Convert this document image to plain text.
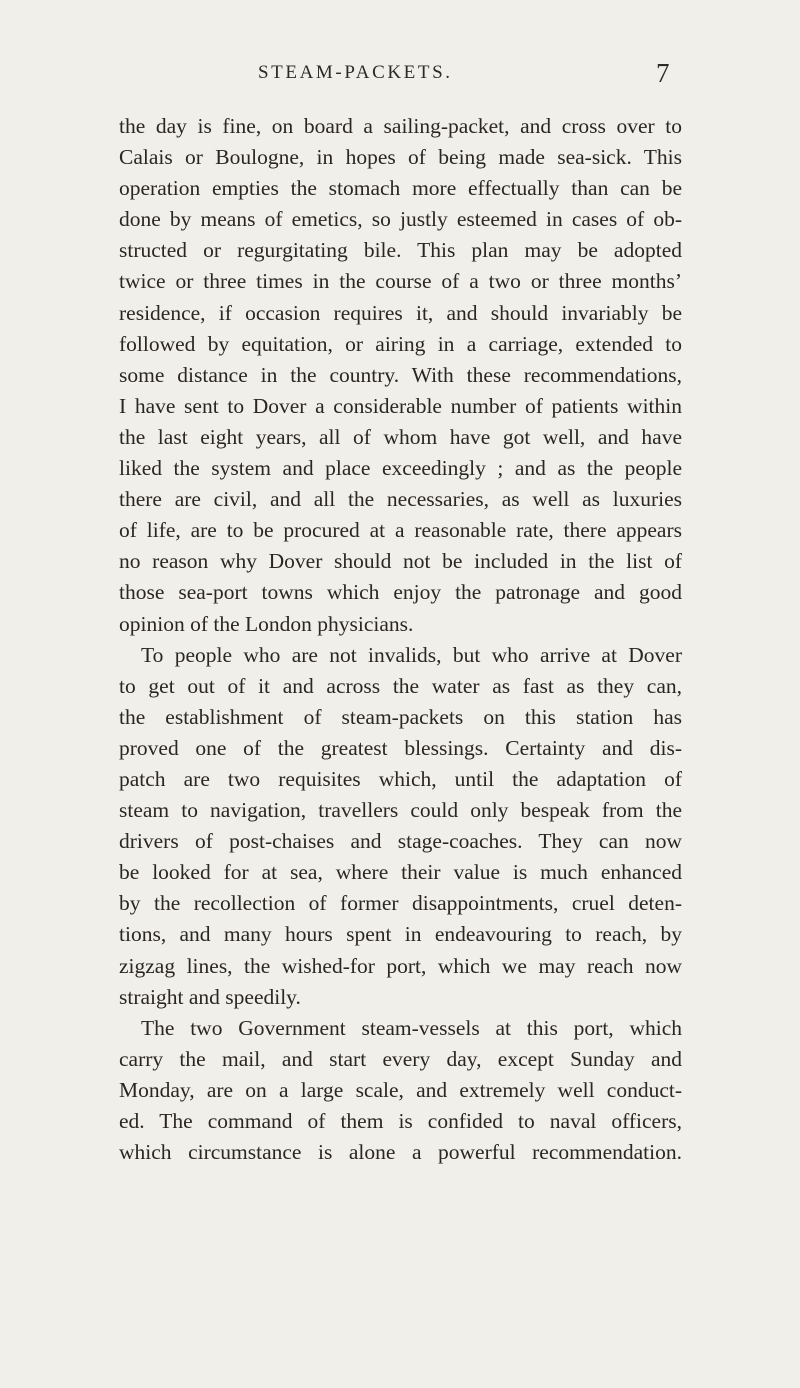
STEAM-PACKETS.	7
the day is fine, on board a sailing-packet, and cross over to
Calais or Boulogne, in hopes of being made sea-sick. This
operation empties the stomach more effectually than can be
done by means of emetics, so justly esteemed in cases of ob-
structed or regurgitating bile. This plan may be adopted
twice or three times in the course of a two or three months’
residence, if occasion requires it, and should invariably be
followed by equitation, or airing in a carriage, extended to
some distance in the country. With these recommendations,
I have sent to Dover a considerable number of patients within
the last eight years, all of whom have got well, and have
liked the system and place exceedingly ; and as the people
there are civil, and all the necessaries, as well as luxuries
of life, are to be procured at a reasonable rate, there appears
no reason why Dover should not be included in the list of
those sea-port towns which enjoy the patronage and good
opinion of the London physicians.
To people who are not invalids, but who arrive at Dover
to get out of it and across the water as fast as they can,
the establishment of steam-packets on this station has
proved one of the greatest blessings. Certainty and dis-
patch are two requisites which, until the adaptation of
steam to navigation, travellers could only bespeak from the
drivers of post-chaises and stage-coaches. They can now
be looked for at sea, where their value is much enhanced
by the recollection of former disappointments, cruel deten-
tions, and many hours spent in endeavouring to reach, by
zigzag lines, the wished-for port, which we may reach now
straight and speedily.
The two Government steam-vessels at this port, which
carry the mail, and start every day, except Sunday and
Monday, are on a large scale, and extremely well conduct-
ed. The command of them is confided to naval officers,
which circumstance is alone a powerful recommendation.
